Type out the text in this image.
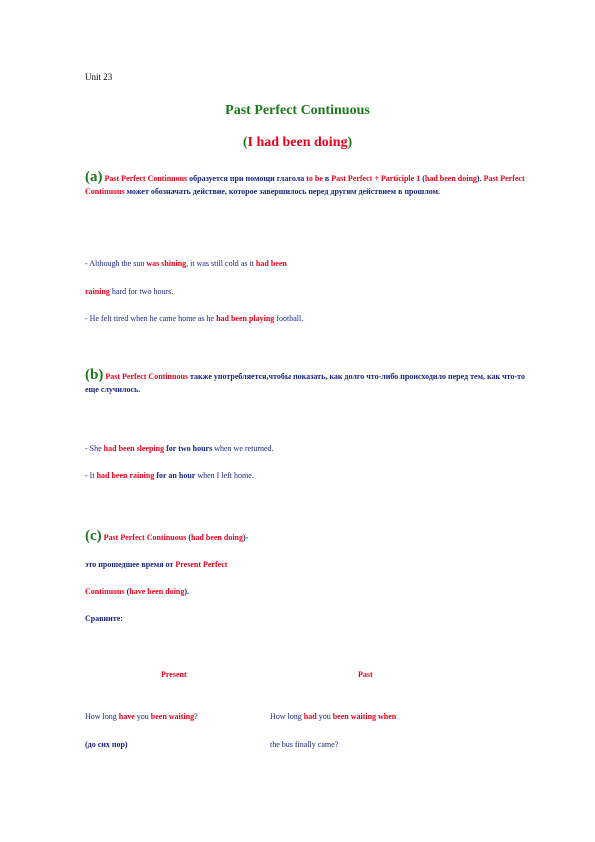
Unit 23
Past Perfect Continuous
(I had been doing)
(a) Past Perfect Continuous образуется при помощи глагола to be в Past Perfect + Participle 1 (had been doing). Past Perfect Continuous может обозначать действие, которое завершилось перед другим действием в прошлом.
- Although the sun was shining, it was still cold as it had been
raining hard for two hours.
- He felt tired when he came home as he had been playing football.
(b) Past Perfect Continuous также употребляется,чтобы показать, как долго что-либо происходило перед тем, как что-то еще случилось.
- She had been sleeping for two hours when we returned.
- It had been raining for an hour when I left home.
(c) Past Perfect Continuous (had been doing)-
это прошедшее время от Present Perfect
Continuous (have been doing).
Сравните:
Present	Past
How long have you been waiting?
(до сих пор)
How long had you been waiting when
the bus finally came?
